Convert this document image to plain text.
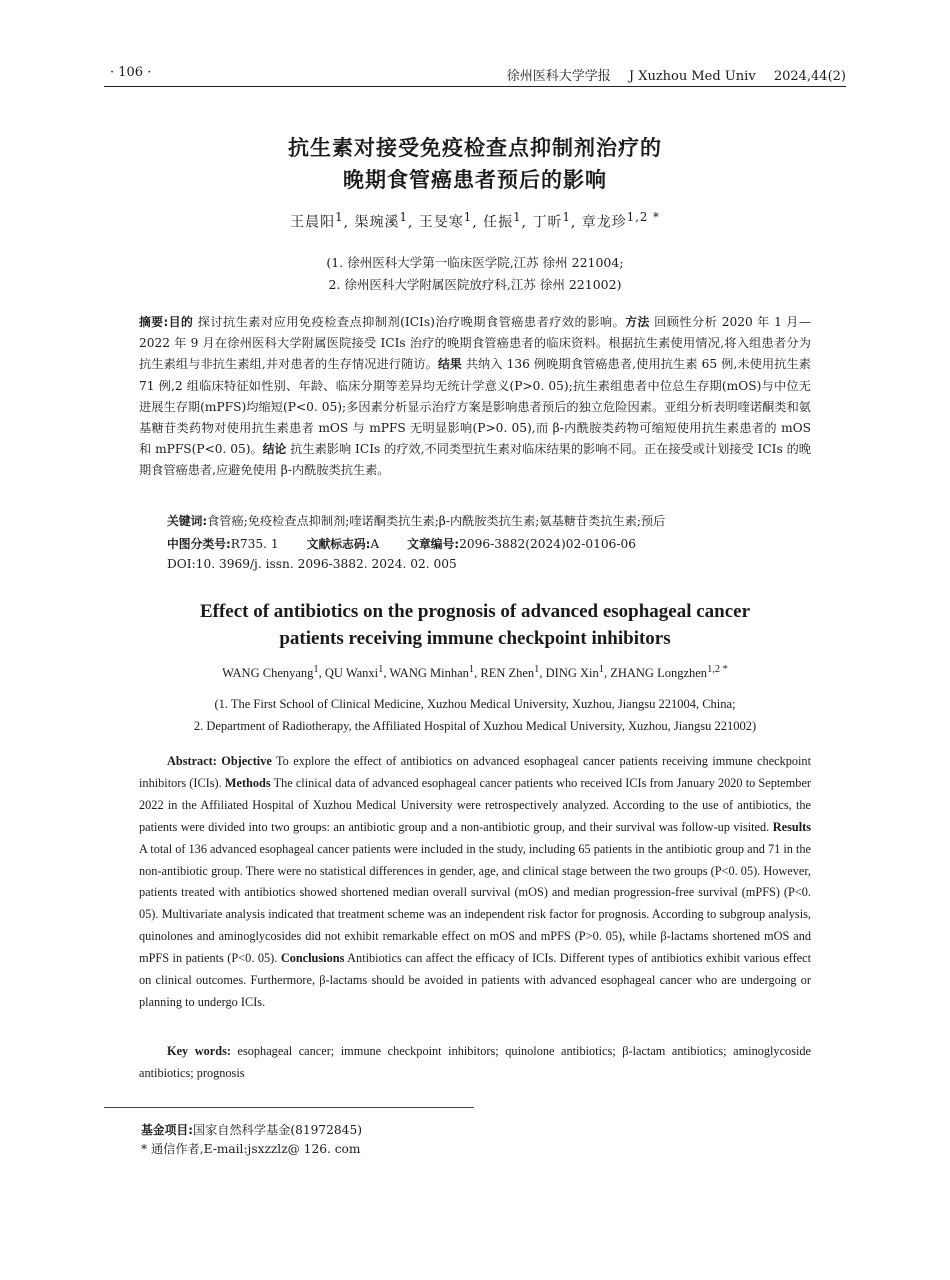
· 106 ·	徐州医科大学学报 J Xuzhou Med Univ 2024,44(2)
抗生素对接受免疫检查点抑制剂治疗的
晚期食管癌患者预后的影响
王晨阳$^1$, 渠琬溪$^1$, 王旻寒$^1$, 任振$^1$, 丁昕$^1$, 章龙珍$^{1,2 *}$
(1. 徐州医科大学第一临床医学院,江苏 徐州 221004;
2. 徐州医科大学附属医院放疗科,江苏 徐州 221002)
摘要:目的 探讨抗生素对应用免疫检查点抑制剂(ICIs)治疗晚期食管癌患者疗效的影响。方法 回顾性分析 2020 年 1 月—2022 年 9 月在徐州医科大学附属医院接受 ICIs 治疗的晚期食管癌患者的临床资料。根据抗生素使用情况,将入组患者分为抗生素组与非抗生素组,并对患者的生存情况进行随访。结果 共纳入 136 例晚期食管癌患者,使用抗生素 65 例,未使用抗生素 71 例,2 组临床特征如性别、年龄、临床分期等差异均无统计学意义(P>0. 05);抗生素组患者中位总生存期(mOS)与中位无进展生存期(mPFS)均缩短(P<0. 05);多因素分析显示治疗方案是影响患者预后的独立危险因素。亚组分析表明喹诺酮类和氨基糖苷类药物对使用抗生素患者 mOS 与 mPFS 无明显影响(P>0. 05),而 β-内酰胺类药物可缩短使用抗生素患者的 mOS 和 mPFS(P<0. 05)。结论 抗生素影响 ICIs 的疗效,不同类型抗生素对临床结果的影响不同。正在接受或计划接受 ICIs 的晚期食管癌患者,应避免使用 β-内酰胺类抗生素。
关键词:食管癌;免疫检查点抑制剂;喹诺酮类抗生素;β-内酰胺类抗生素;氨基糖苷类抗生素;预后
中图分类号:R735. 1 文献标志码:A 文章编号:2096-3882(2024)02-0106-06
DOI:10. 3969/j. issn. 2096-3882. 2024. 02. 005
Effect of antibiotics on the prognosis of advanced esophageal cancer
patients receiving immune checkpoint inhibitors
WANG Chenyang$^1$, QU Wanxi$^1$, WANG Minhan$^1$, REN Zhen$^1$, DING Xin$^1$, ZHANG Longzhen$^{1,2 *}$
(1. The First School of Clinical Medicine, Xuzhou Medical University, Xuzhou, Jiangsu 221004, China;
2. Department of Radiotherapy, the Affiliated Hospital of Xuzhou Medical University, Xuzhou, Jiangsu 221002)
Abstract: Objective To explore the effect of antibiotics on advanced esophageal cancer patients receiving immune checkpoint inhibitors (ICIs). Methods The clinical data of advanced esophageal cancer patients who received ICIs from January 2020 to September 2022 in the Affiliated Hospital of Xuzhou Medical University were retrospectively analyzed. According to the use of antibiotics, the patients were divided into two groups: an antibiotic group and a non-antibiotic group, and their survival was follow-up visited. Results A total of 136 advanced esophageal cancer patients were included in the study, including 65 patients in the antibiotic group and 71 in the non-antibiotic group. There were no statistical differences in gender, age, and clinical stage between the two groups (P<0. 05). However, patients treated with antibiotics showed shortened median overall survival (mOS) and median progression-free survival (mPFS) (P<0. 05). Multivariate analysis indicated that treatment scheme was an independent risk factor for prognosis. According to subgroup analysis, quinolones and aminoglycosides did not exhibit remarkable effect on mOS and mPFS (P>0. 05), while β-lactams shortened mOS and mPFS in patients (P<0. 05). Conclusions Antibiotics can affect the efficacy of ICIs. Different types of antibiotics exhibit various effect on clinical outcomes. Furthermore, β-lactams should be avoided in patients with advanced esophageal cancer who are undergoing or planning to undergo ICIs.
Key words: esophageal cancer; immune checkpoint inhibitors; quinolone antibiotics; β-lactam antibiotics; aminoglycoside antibiotics; prognosis
基金项目:国家自然科学基金(81972845)
* 通信作者,E-mail:jsxzzlz@ 126. com
